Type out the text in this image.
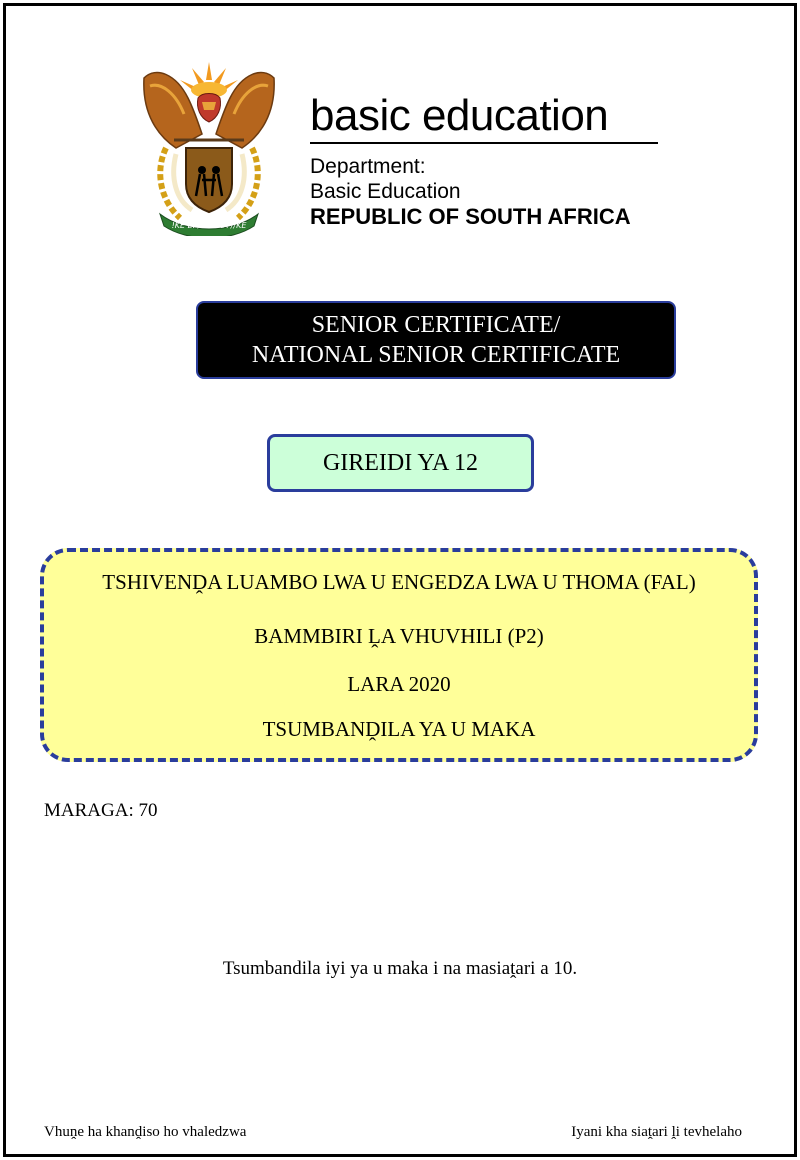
!KE E: /XARRA //KE
basic education
Department:
Basic Education
REPUBLIC OF SOUTH AFRICA
SENIOR CERTIFICATE/
NATIONAL SENIOR CERTIFICATE
GIREIDI YA 12
TSHIVENḒA LUAMBO LWA U ENGEDZA LWA U THOMA (FAL)
BAMMBIRI ḼA VHUVHILI (P2)
LARA 2020
TSUMBANḒILA YA U MAKA
MARAGA: 70
Tsumbandila iyi ya u maka i na masiaṱari a 10.
Vhuṋe ha khanḓiso ho vhaledzwa	Iyani kha siaṱari ḽi tevhelaho
